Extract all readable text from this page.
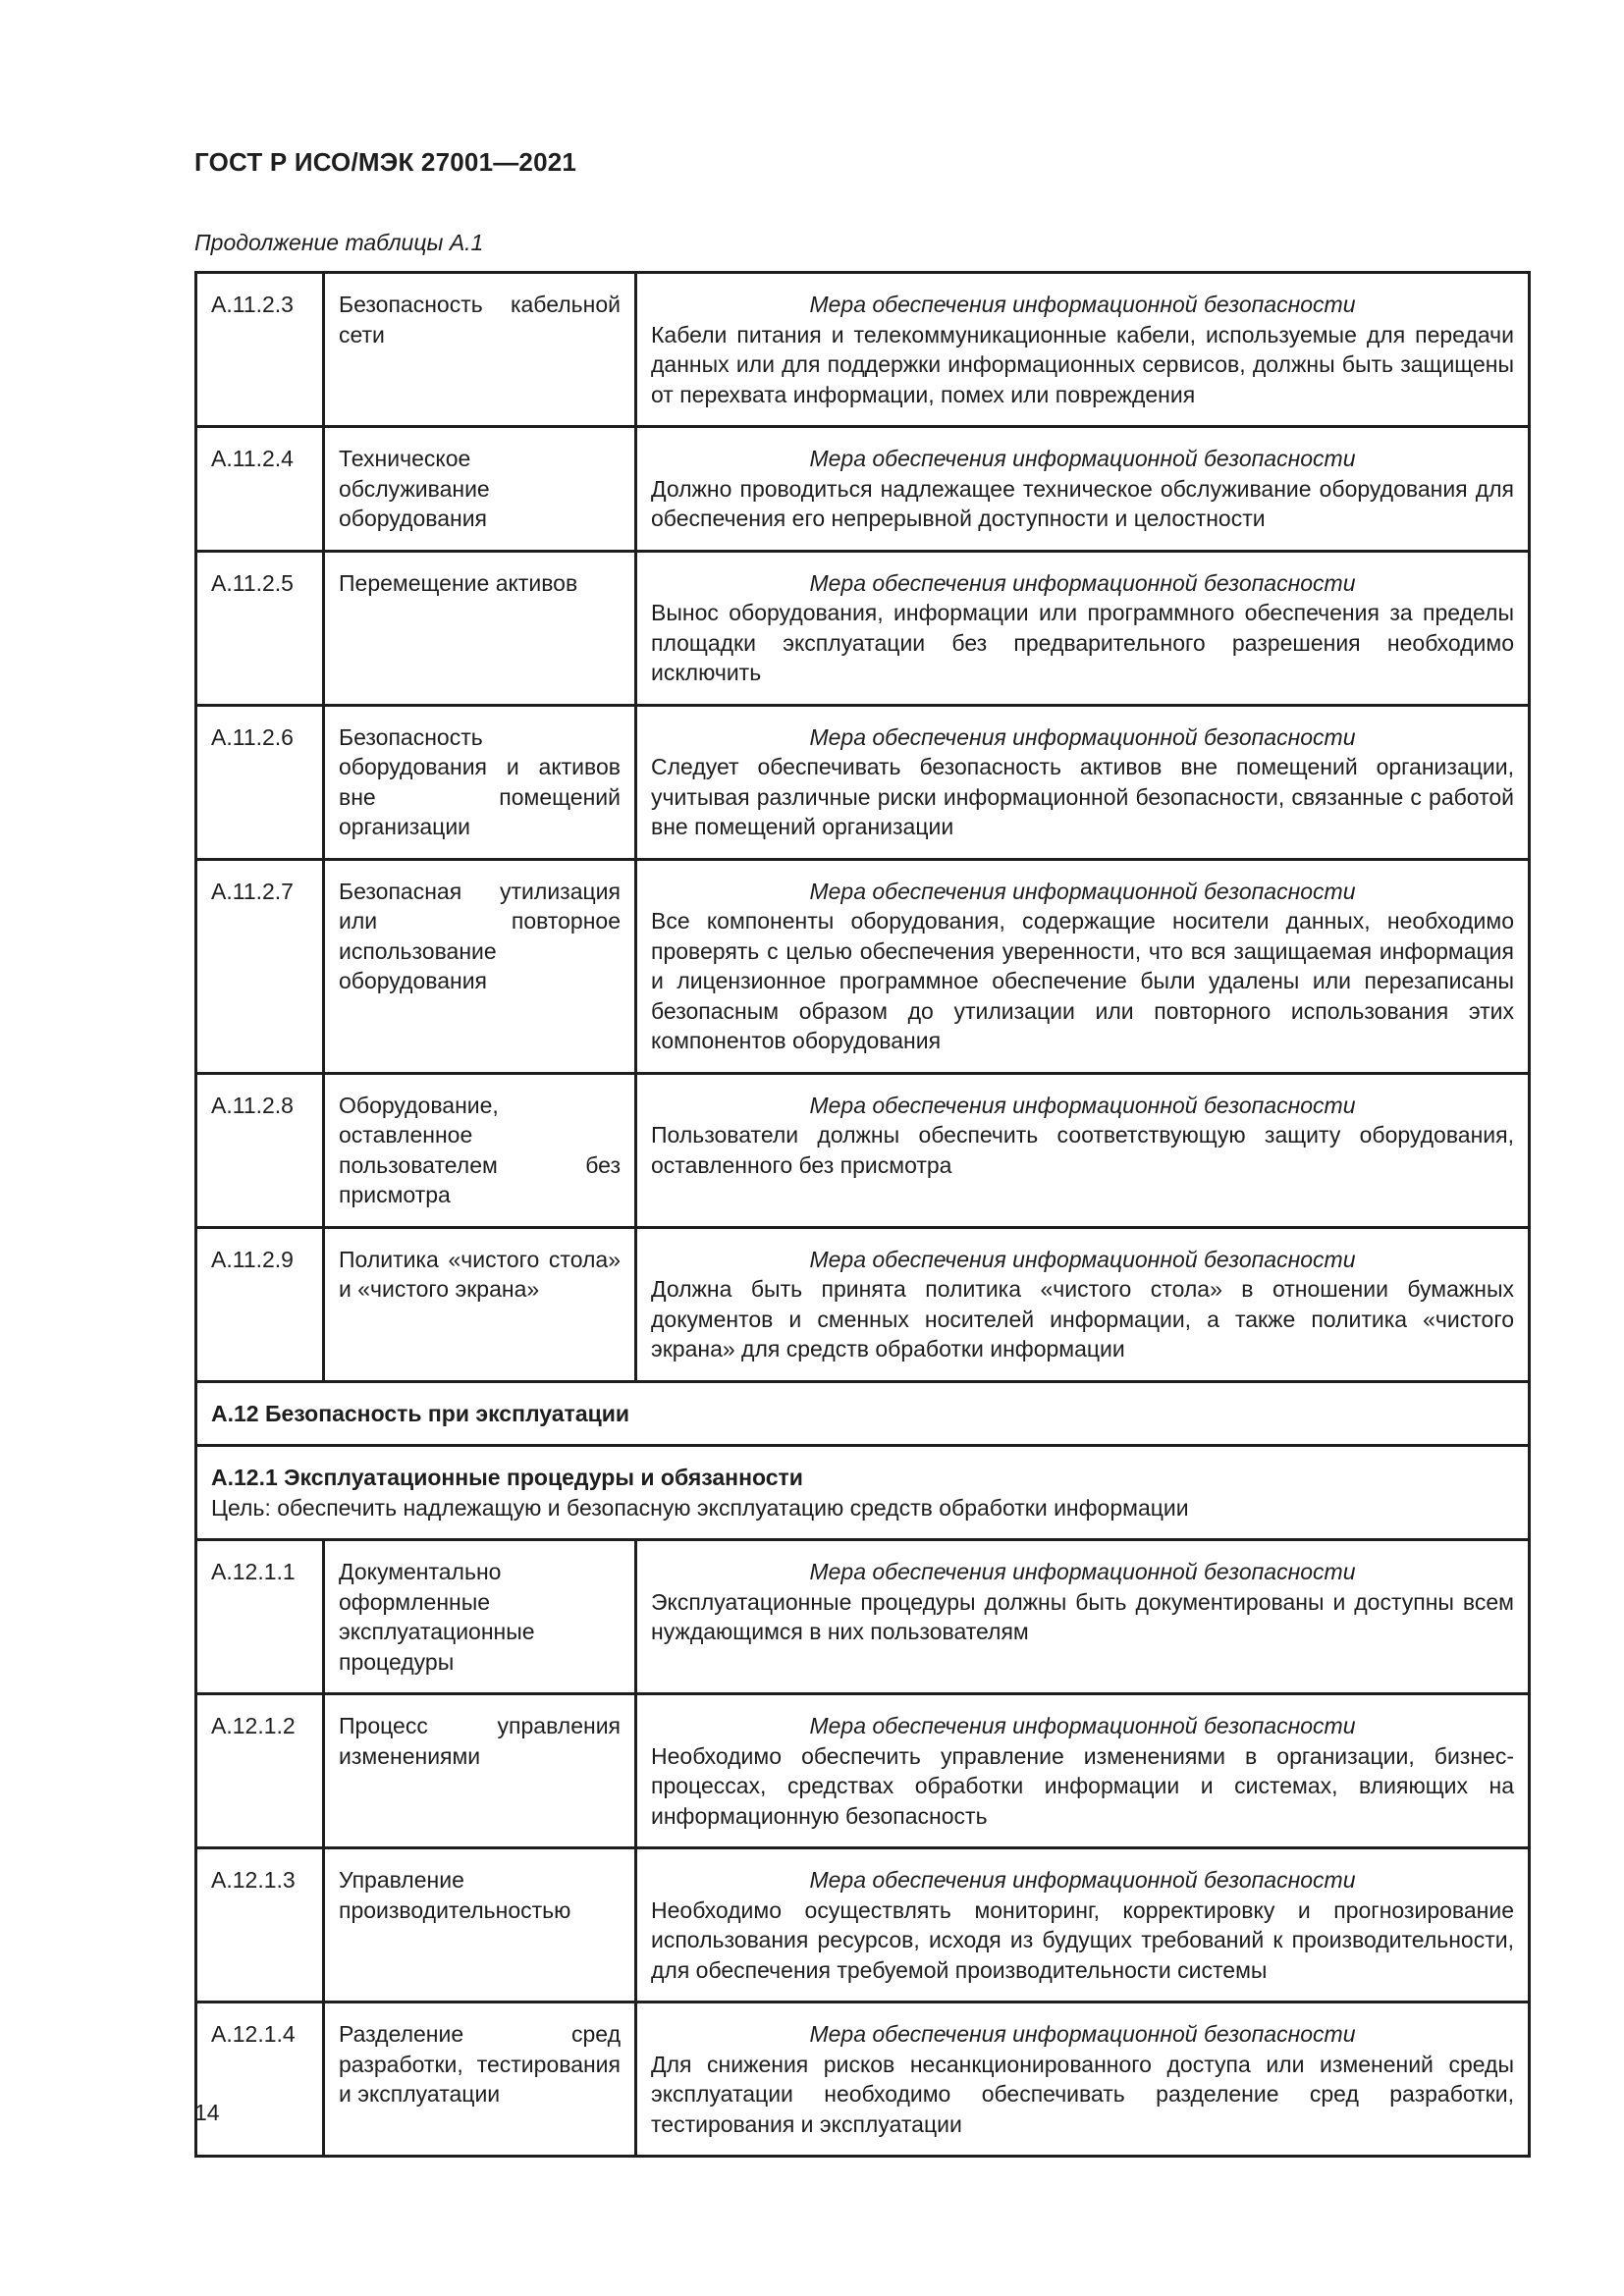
ГОСТ Р ИСО/МЭК 27001—2021
Продолжение таблицы А.1
А.11.2.3	Безопасность кабельной сети	Мера обеспечения информационной безопасности
Кабели питания и телекоммуникационные кабели, используемые для передачи данных или для поддержки информационных сервисов, должны быть защищены от перехвата информации, помех или повреждения

А.11.2.4	Техническое обслуживание оборудования	Мера обеспечения информационной безопасности
Должно проводиться надлежащее техническое обслуживание оборудования для обеспечения его непрерывной доступности и целостности

А.11.2.5	Перемещение активов	Мера обеспечения информационной безопасности
Вынос оборудования, информации или программного обеспечения за пределы площадки эксплуатации без предварительного разрешения необходимо исключить

А.11.2.6	Безопасность оборудования и активов вне помещений организации	Мера обеспечения информационной безопасности
Следует обеспечивать безопасность активов вне помещений организации, учитывая различные риски информационной безопасности, связанные с работой вне помещений организации

А.11.2.7	Безопасная утилизация или повторное использование оборудования	Мера обеспечения информационной безопасности
Все компоненты оборудования, содержащие носители данных, необходимо проверять с целью обеспечения уверенности, что вся защищаемая информация и лицензионное программное обеспечение были удалены или перезаписаны безопасным образом до утилизации или повторного использования этих компонентов оборудования

А.11.2.8	Оборудование, оставленное пользователем без присмотра	Мера обеспечения информационной безопасности
Пользователи должны обеспечить соответствующую защиту оборудования, оставленного без присмотра

А.11.2.9	Политика «чистого стола» и «чистого экрана»	Мера обеспечения информационной безопасности
Должна быть принята политика «чистого стола» в отношении бумажных документов и сменных носителей информации, а также политика «чистого экрана» для средств обработки информации

А.12 Безопасность при эксплуатации		

А.12.1 Эксплуатационные процедуры и обязанности
Цель: обеспечить надлежащую и безопасную эксплуатацию средств обработки информации		

А.12.1.1	Документально оформленные эксплуатационные процедуры	Мера обеспечения информационной безопасности
Эксплуатационные процедуры должны быть документированы и доступны всем нуждающимся в них пользователям

А.12.1.2	Процесс управления изменениями	Мера обеспечения информационной безопасности
Необходимо обеспечить управление изменениями в организации, бизнес-процессах, средствах обработки информации и системах, влияющих на информационную безопасность

А.12.1.3	Управление производительностью	Мера обеспечения информационной безопасности
Необходимо осуществлять мониторинг, корректировку и прогнозирование использования ресурсов, исходя из будущих требований к производительности, для обеспечения требуемой производительности системы

А.12.1.4	Разделение сред разработки, тестирования и эксплуатации	Мера обеспечения информационной безопасности
Для снижения рисков несанкционированного доступа или изменений среды эксплуатации необходимо обеспечивать разделение сред разработки, тестирования и эксплуатации
14
